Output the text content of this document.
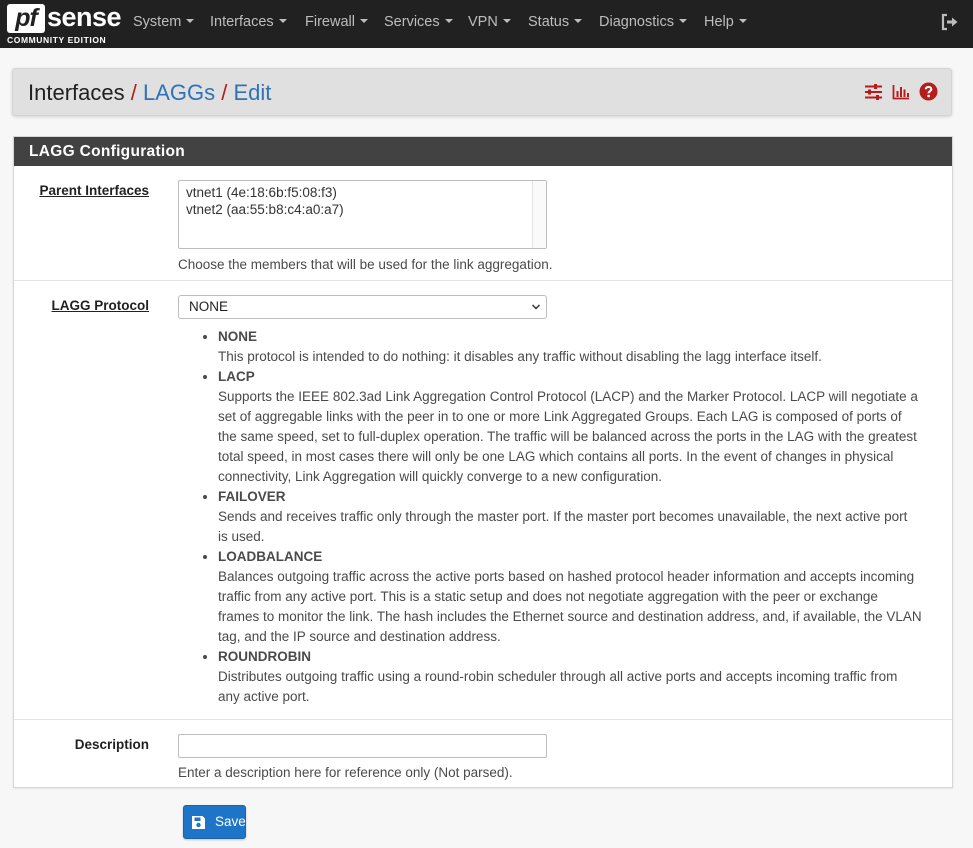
pf sense
COMMUNITY EDITION
System	Interfaces	Firewall	Services	VPN	Status	Diagnostics	Help
Interfaces / LAGGs / Edit
LAGG Configuration
Parent Interfaces	vtnet1 (4e:18:6b:f5:08:f3)
vtnet2 (aa:55:b8:c4:a0:a7)
Choose the members that will be used for the link aggregation.
LAGG Protocol	NONE
NONE
This protocol is intended to do nothing: it disables any traffic without disabling the lagg interface itself.
LACP
Supports the IEEE 802.3ad Link Aggregation Control Protocol (LACP) and the Marker Protocol. LACP will negotiate a
set of aggregable links with the peer in to one or more Link Aggregated Groups. Each LAG is composed of ports of
the same speed, set to full-duplex operation. The traffic will be balanced across the ports in the LAG with the greatest
total speed, in most cases there will only be one LAG which contains all ports. In the event of changes in physical
connectivity, Link Aggregation will quickly converge to a new configuration.
FAILOVER
Sends and receives traffic only through the master port. If the master port becomes unavailable, the next active port
is used.
LOADBALANCE
Balances outgoing traffic across the active ports based on hashed protocol header information and accepts incoming
traffic from any active port. This is a static setup and does not negotiate aggregation with the peer or exchange
frames to monitor the link. The hash includes the Ethernet source and destination address, and, if available, the VLAN
tag, and the IP source and destination address.
ROUNDROBIN
Distributes outgoing traffic using a round-robin scheduler through all active ports and accepts incoming traffic from
any active port.
Description
Enter a description here for reference only (Not parsed).
Save
